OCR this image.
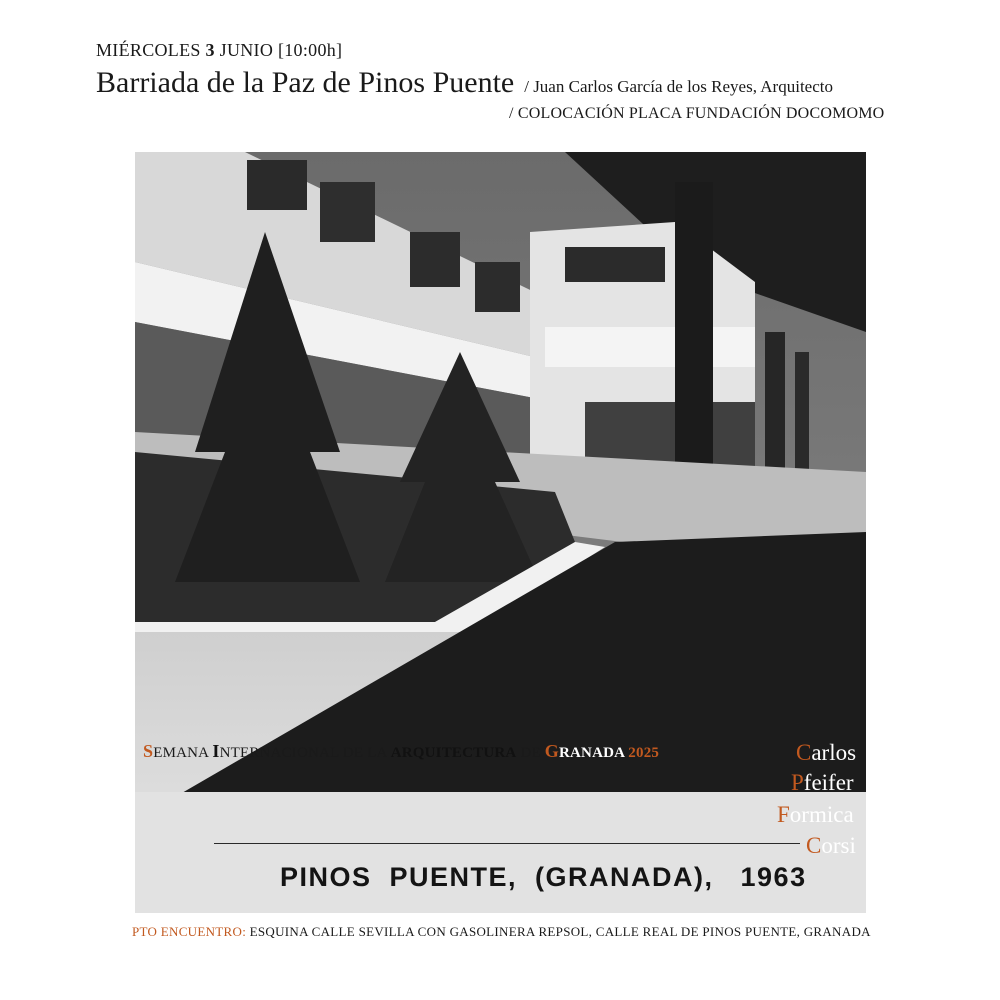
MIÉRCOLES 3 JUNIO [10:00h]
Barriada de la Paz de Pinos Puente / Juan Carlos García de los Reyes, Arquitecto
/ COLOCACIÓN PLACA FUNDACIÓN DOCOMOMO
PINOS  PUENTE,  (GRANADA),   1963
SEMANA INTERNACIONAL DE LA ARQUITECTURA DE GRANADA 2025	Carlos
Pfeifer
Formica
Corsi
PTO ENCUENTRO: ESQUINA CALLE SEVILLA CON GASOLINERA REPSOL, CALLE REAL DE PINOS PUENTE, GRANADA
